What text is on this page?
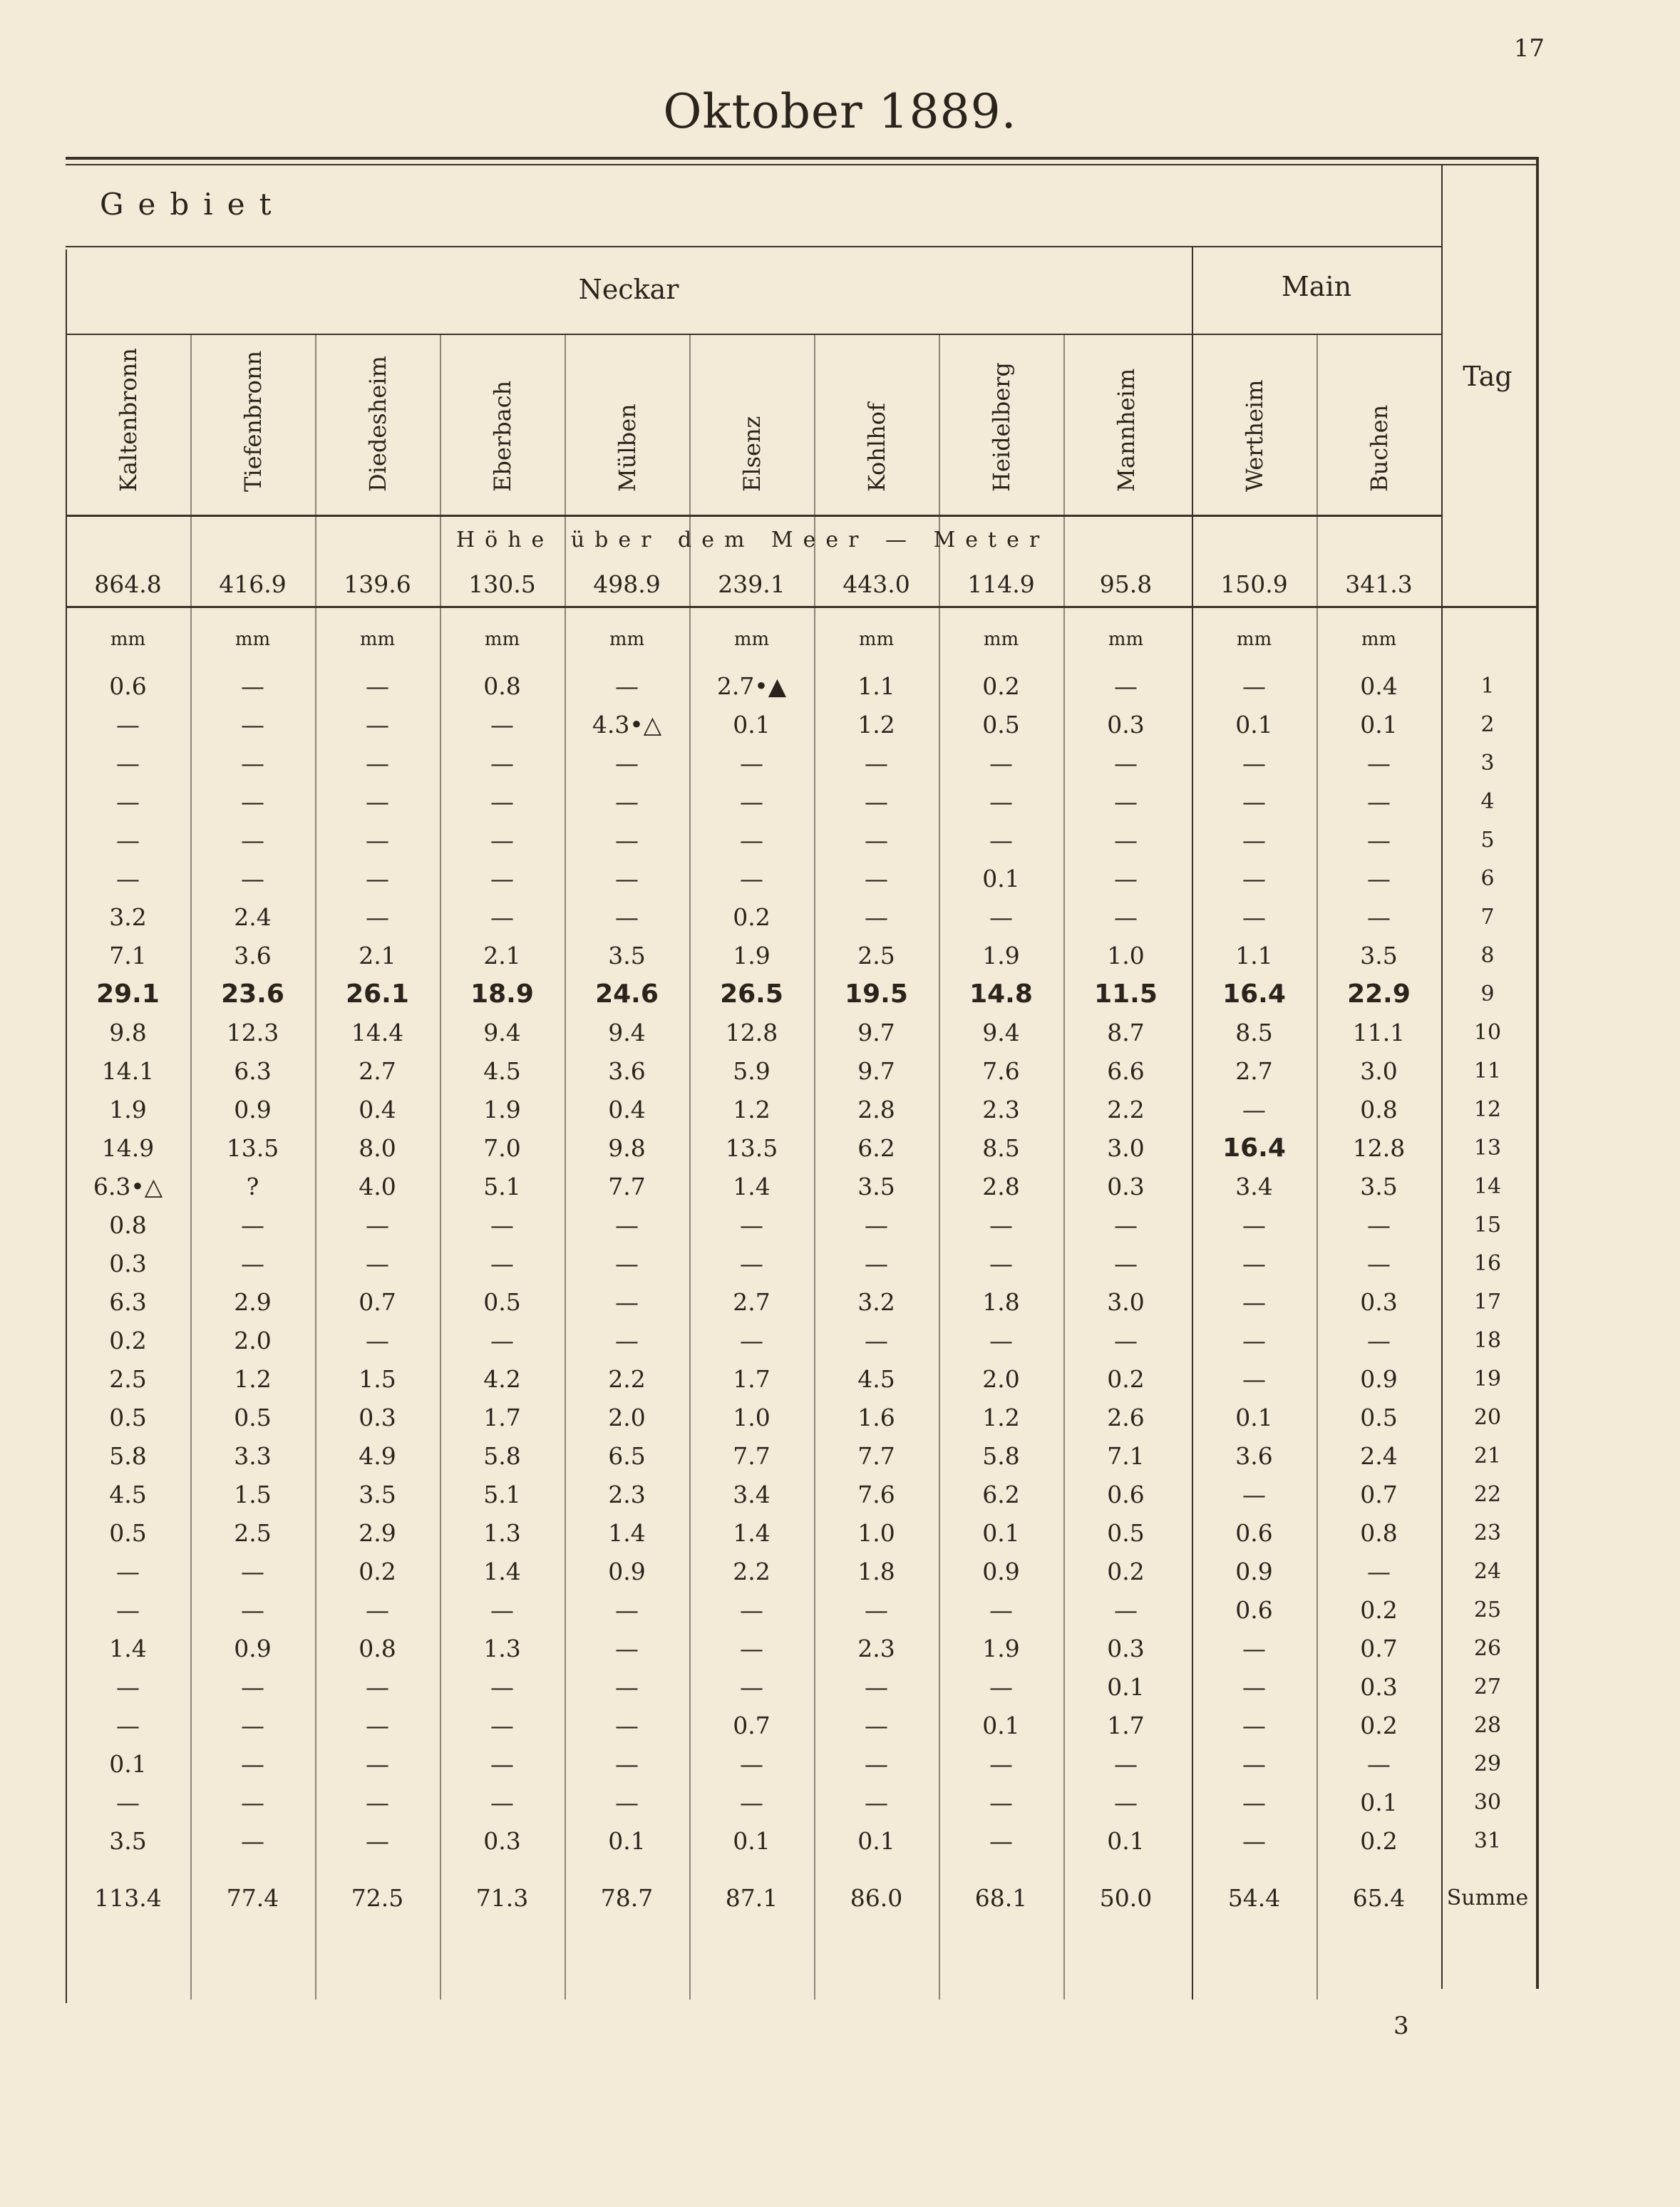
17
Oktober 1889.
Gebiet
Neckar	Main
Tag
Kaltenbronn	Tiefenbronn	Diedesheim	Eberbach	Mülben	Elsenz	Kohlhof	Heidelberg	Mannheim	Wertheim	Buchen
Höhe über dem Meer — Meter
864.8	416.9	139.6	130.5	498.9	239.1	443.0	114.9	95.8	150.9	341.3
mm	mm	mm	mm	mm	mm	mm	mm	mm	mm	mm
0.6	—	—	0.8	—	2.7•▲	1.1	0.2	—	—	0.4	1
—	—	—	—	4.3•△	0.1	1.2	0.5	0.3	0.1	0.1	2
—	—	—	—	—	—	—	—	—	—	—	3
—	—	—	—	—	—	—	—	—	—	—	4
—	—	—	—	—	—	—	—	—	—	—	5
—	—	—	—	—	—	—	0.1	—	—	—	6
3.2	2.4	—	—	—	0.2	—	—	—	—	—	7
7.1	3.6	2.1	2.1	3.5	1.9	2.5	1.9	1.0	1.1	3.5	8
29.1	23.6	26.1	18.9	24.6	26.5	19.5	14.8	11.5	16.4	22.9	9
9.8	12.3	14.4	9.4	9.4	12.8	9.7	9.4	8.7	8.5	11.1	10
14.1	6.3	2.7	4.5	3.6	5.9	9.7	7.6	6.6	2.7	3.0	11
1.9	0.9	0.4	1.9	0.4	1.2	2.8	2.3	2.2	—	0.8	12
14.9	13.5	8.0	7.0	9.8	13.5	6.2	8.5	3.0	16.4	12.8	13
6.3•△	?	4.0	5.1	7.7	1.4	3.5	2.8	0.3	3.4	3.5	14
0.8	—	—	—	—	—	—	—	—	—	—	15
0.3	—	—	—	—	—	—	—	—	—	—	16
6.3	2.9	0.7	0.5	—	2.7	3.2	1.8	3.0	—	0.3	17
0.2	2.0	—	—	—	—	—	—	—	—	—	18
2.5	1.2	1.5	4.2	2.2	1.7	4.5	2.0	0.2	—	0.9	19
0.5	0.5	0.3	1.7	2.0	1.0	1.6	1.2	2.6	0.1	0.5	20
5.8	3.3	4.9	5.8	6.5	7.7	7.7	5.8	7.1	3.6	2.4	21
4.5	1.5	3.5	5.1	2.3	3.4	7.6	6.2	0.6	—	0.7	22
0.5	2.5	2.9	1.3	1.4	1.4	1.0	0.1	0.5	0.6	0.8	23
—	—	0.2	1.4	0.9	2.2	1.8	0.9	0.2	0.9	—	24
—	—	—	—	—	—	—	—	—	0.6	0.2	25
1.4	0.9	0.8	1.3	—	—	2.3	1.9	0.3	—	0.7	26
—	—	—	—	—	—	—	—	0.1	—	0.3	27
—	—	—	—	—	0.7	—	0.1	1.7	—	0.2	28
0.1	—	—	—	—	—	—	—	—	—	—	29
—	—	—	—	—	—	—	—	—	—	0.1	30
3.5	—	—	0.3	0.1	0.1	0.1	—	0.1	—	0.2	31
113.4	77.4	72.5	71.3	78.7	87.1	86.0	68.1	50.0	54.4	65.4	Summe
3
